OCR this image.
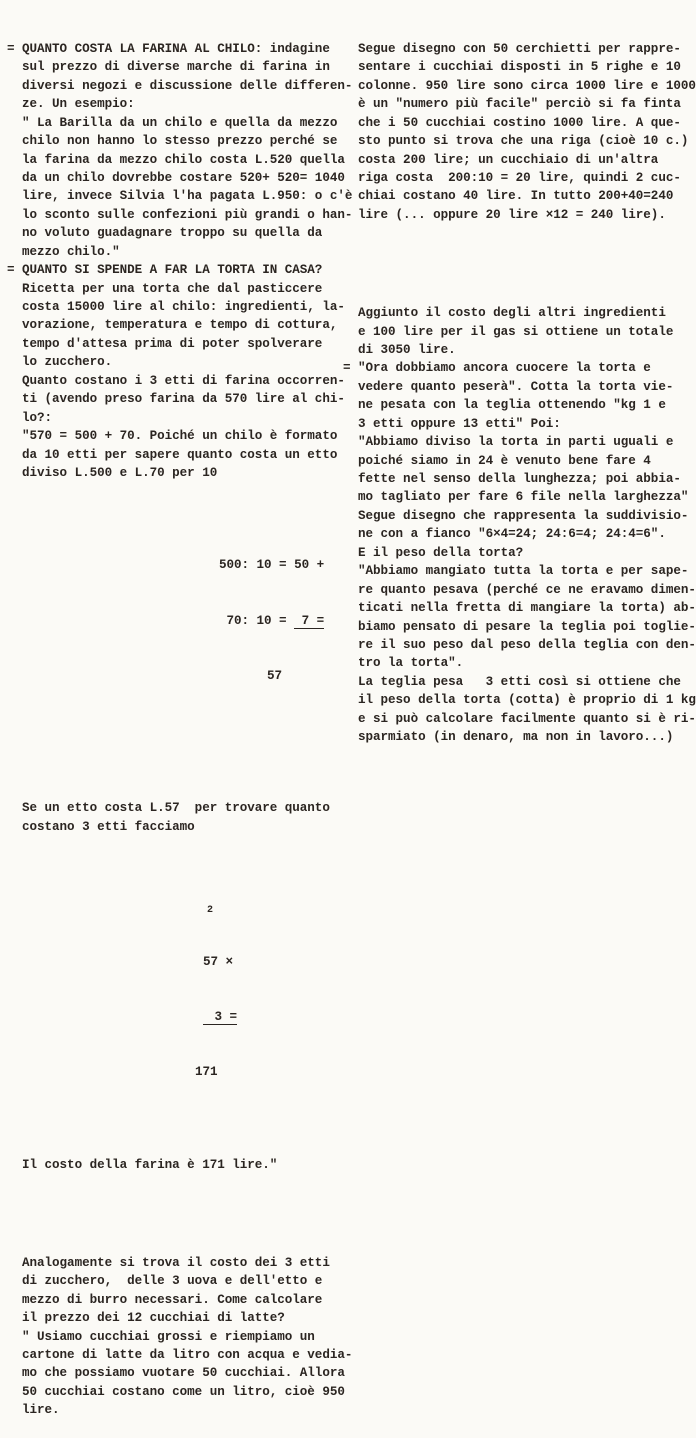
= QUANTO COSTA LA FARINA AL CHILO: indagine
sul prezzo di diverse marche di farina in
diversi negozi e discussione delle differen-
ze. Un esempio:
" La Barilla da un chilo e quella da mezzo
chilo non hanno lo stesso prezzo perché se
la farina da mezzo chilo costa L.520 quella
da un chilo dovrebbe costare 520+ 520= 1040
lire, invece Silvia l'ha pagata L.950: o c'è
lo sconto sulle confezioni più grandi o han-
no voluto guadagnare troppo su quella da
mezzo chilo."
= QUANTO SI SPENDE A FAR LA TORTA IN CASA?
Ricetta per una torta che dal pasticcere
costa 15000 lire al chilo: ingredienti, la-
vorazione, temperatura e tempo di cottura,
tempo d'attesa prima di poter spolverare
lo zucchero.
Quanto costano i 3 etti di farina occorren-
ti (avendo preso farina da 570 lire al chi-
lo?:
"570 = 500 + 70. Poiché un chilo è formato
da 10 etti per sapere quanto costa un etto
diviso L.500 e L.70 per 10

500: 10 = 50 +

70: 10 =  7 =

57

Se un etto costa L.57  per trovare quanto
costano 3 etti facciamo

2

57 ×

3 =

171

Il costo della farina è 171 lire."

Analogamente si trova il costo dei 3 etti
di zucchero,  delle 3 uova e dell'etto e
mezzo di burro necessari. Come calcolare
il prezzo dei 12 cucchiai di latte?
" Usiamo cucchiai grossi e riempiamo un
cartone di latte da litro con acqua e vedia-
mo che possiamo vuotare 50 cucchiai. Allora
50 cucchiai costano come un litro, cioè 950
lire.

Segue disegno con 50 cerchietti per rappre-
sentare i cucchiai disposti in 5 righe e 10
colonne. 950 lire sono circa 1000 lire e 1000
è un "numero più facile" perciò si fa finta
che i 50 cucchiai costino 1000 lire. A que-
sto punto si trova che una riga (cioè 10 c.)
costa 200 lire; un cucchiaio di un'altra
riga costa  200:10 = 20 lire, quindi 2 cuc-
chiai costano 40 lire. In tutto 200+40=240
lire (... oppure 20 lire ×12 = 240 lire).

Aggiunto il costo degli altri ingredienti
e 100 lire per il gas si ottiene un totale
di 3050 lire.
= "Ora dobbiamo ancora cuocere la torta e
vedere quanto peserà". Cotta la torta vie-
ne pesata con la teglia ottenendo "kg 1 e
3 etti oppure 13 etti" Poi:
"Abbiamo diviso la torta in parti uguali e
poiché siamo in 24 è venuto bene fare 4
fette nel senso della lunghezza; poi abbia-
mo tagliato per fare 6 file nella larghezza"
Segue disegno che rappresenta la suddivisio-
ne con a fianco "6×4=24; 24:6=4; 24:4=6".
E il peso della torta?
"Abbiamo mangiato tutta la torta e per sape-
re quanto pesava (perché ce ne eravamo dimen-
ticati nella fretta di mangiare la torta) ab-
biamo pensato di pesare la teglia poi toglie-
re il suo peso dal peso della teglia con den-
tro la torta".
La teglia pesa   3 etti così si ottiene che
il peso della torta (cotta) è proprio di 1 kg
e si può calcolare facilmente quanto si è ri-
sparmiato (in denaro, ma non in lavoro...)
